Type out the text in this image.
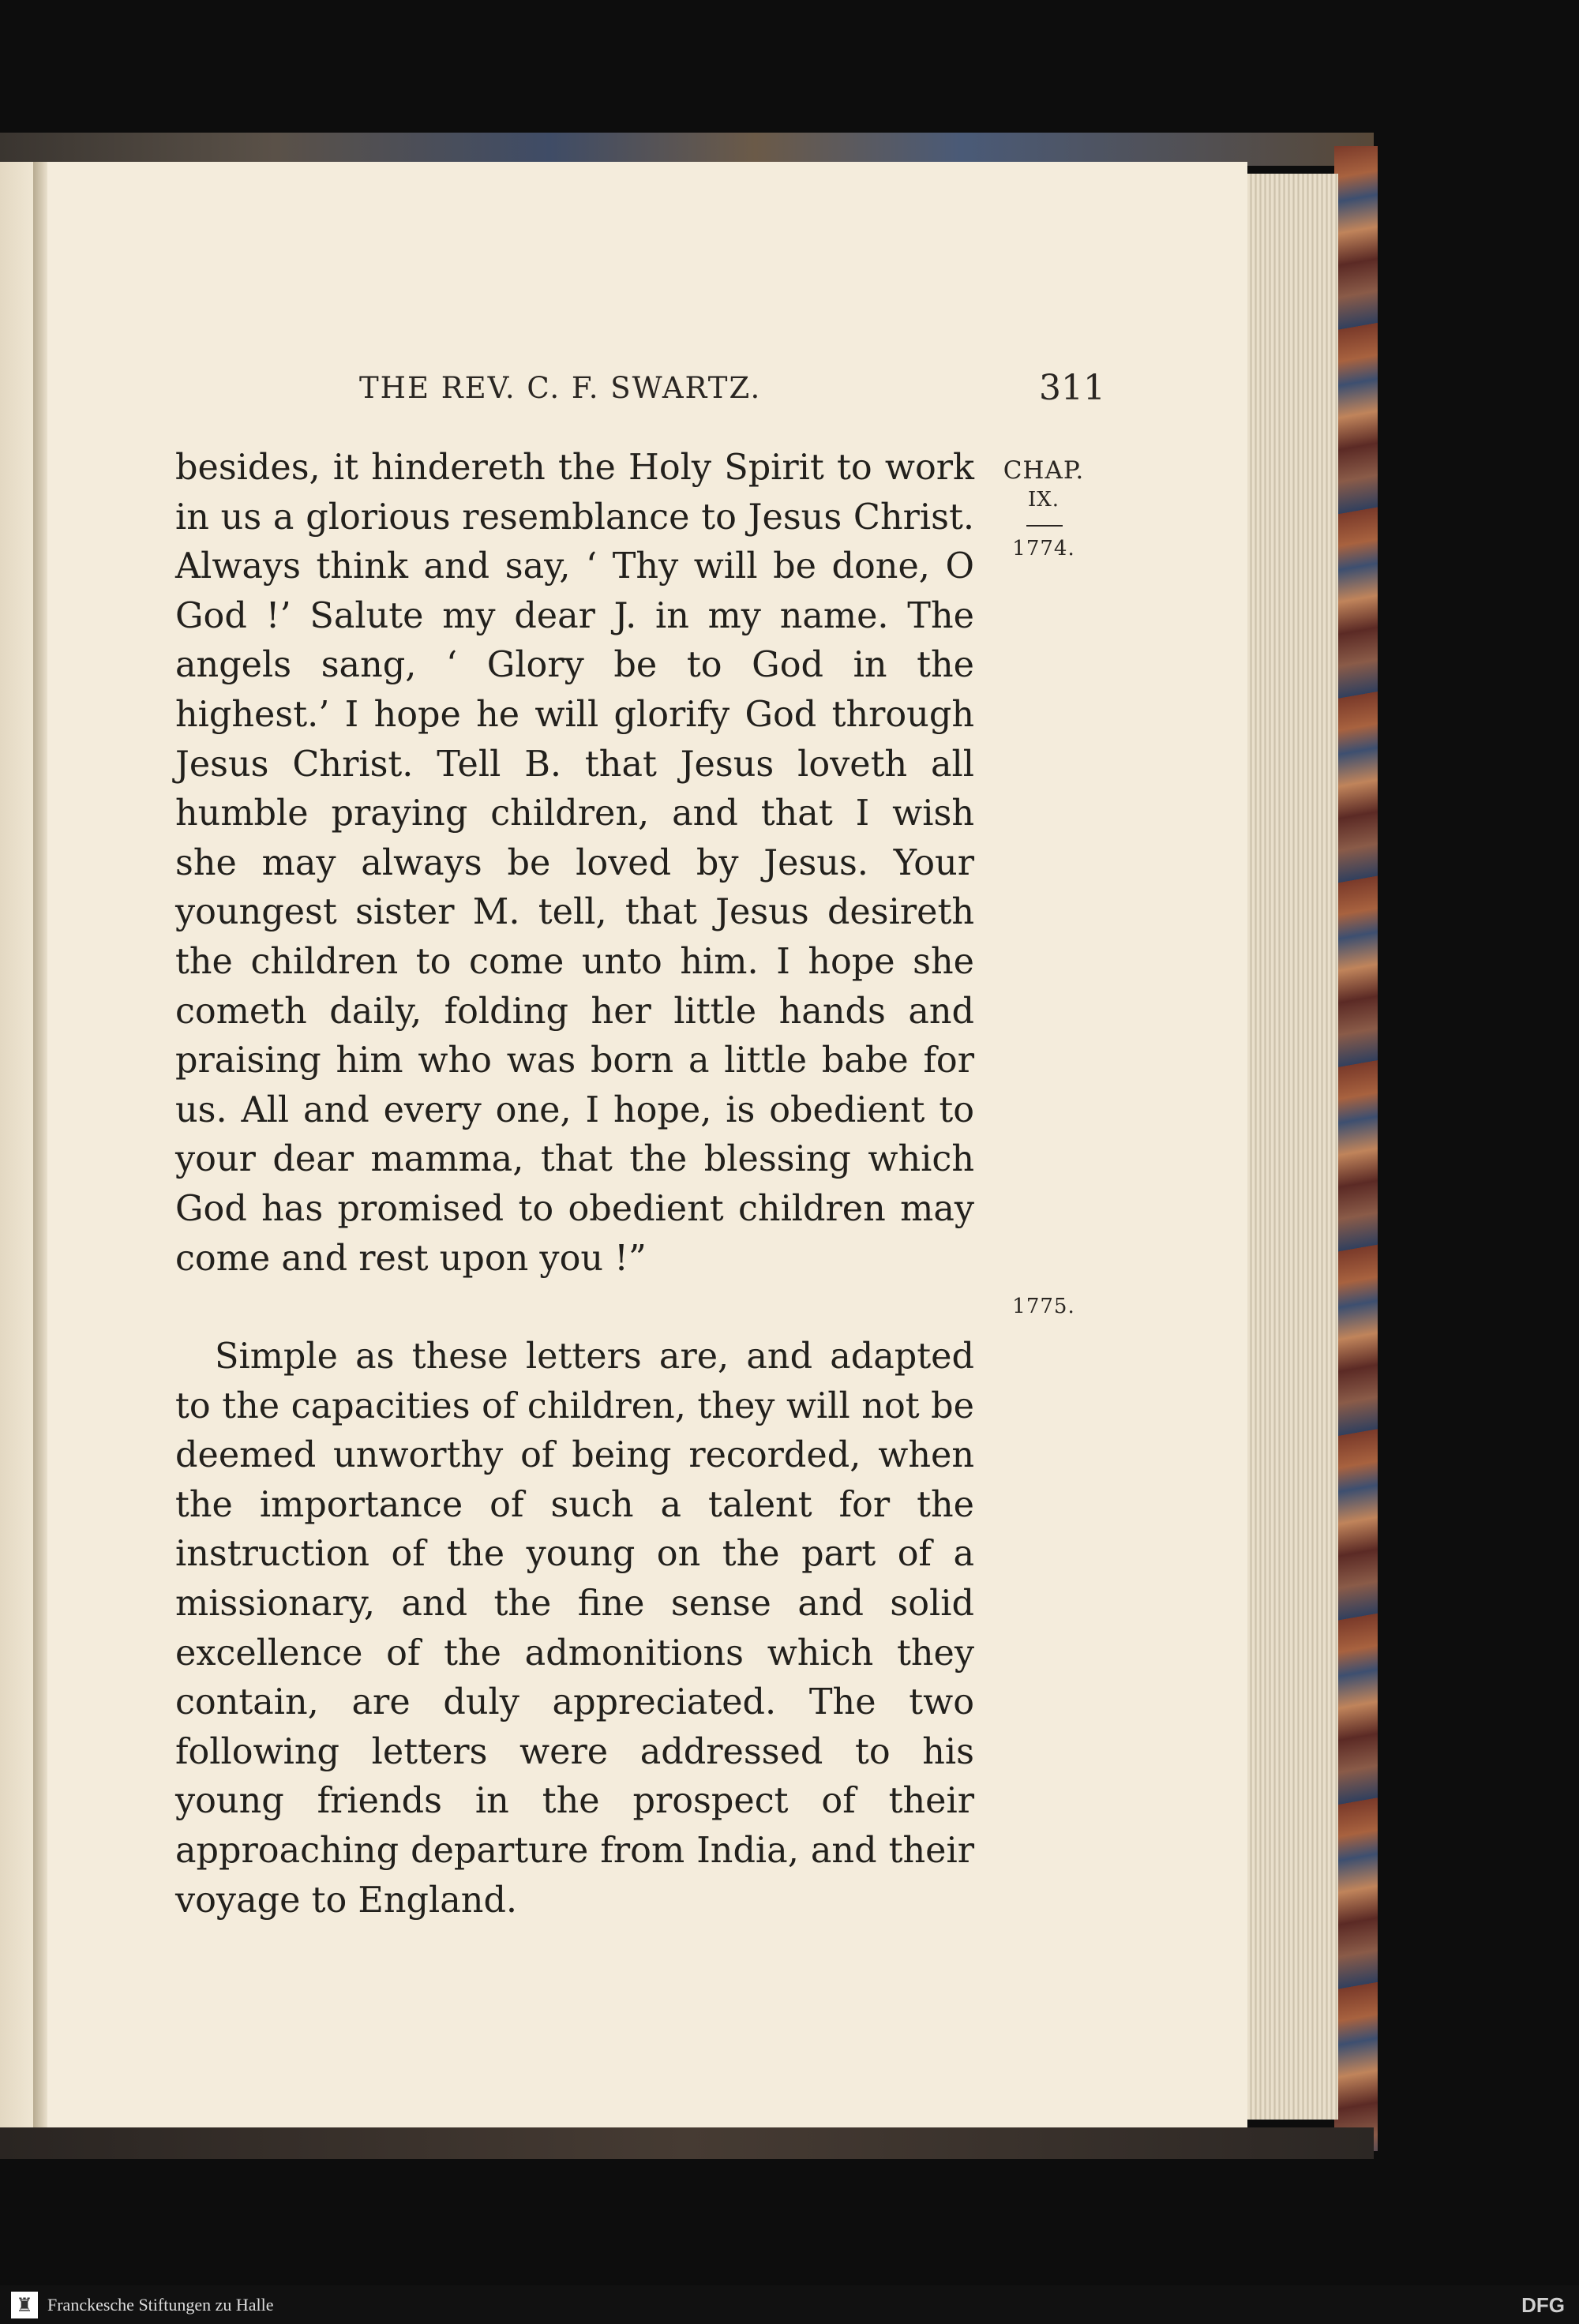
THE REV. C. F. SWARTZ.	311
CHAP.
IX.
1774.
1775.

besides, it hindereth the Holy Spirit to work in us a glorious resemblance to Jesus Christ. Always think and say, ‘ Thy will be done, O God !’ Salute my dear J. in my name. The angels sang, ‘ Glory be to God in the highest.’ I hope he will glorify God through Jesus Christ. Tell B. that Jesus loveth all humble praying children, and that I wish she may always be loved by Jesus. Your youngest sister M. tell, that Jesus desireth the children to come unto him. I hope she cometh daily, folding her little hands and praising him who was born a little babe for us. All and every one, I hope, is obedient to your dear mamma, that the blessing which God has promised to obedient children may come and rest upon you !”

Simple as these letters are, and adapted to the capacities of children, they will not be deemed unworthy of being recorded, when the importance of such a talent for the instruction of the young on the part of a missionary, and the fine sense and solid excellence of the admonitions which they contain, are duly appreciated. The two following letters were addressed to his young friends in the prospect of their approaching departure from India, and their voyage to England.

♜ Franckesche Stiftungen zu Halle	DFG
